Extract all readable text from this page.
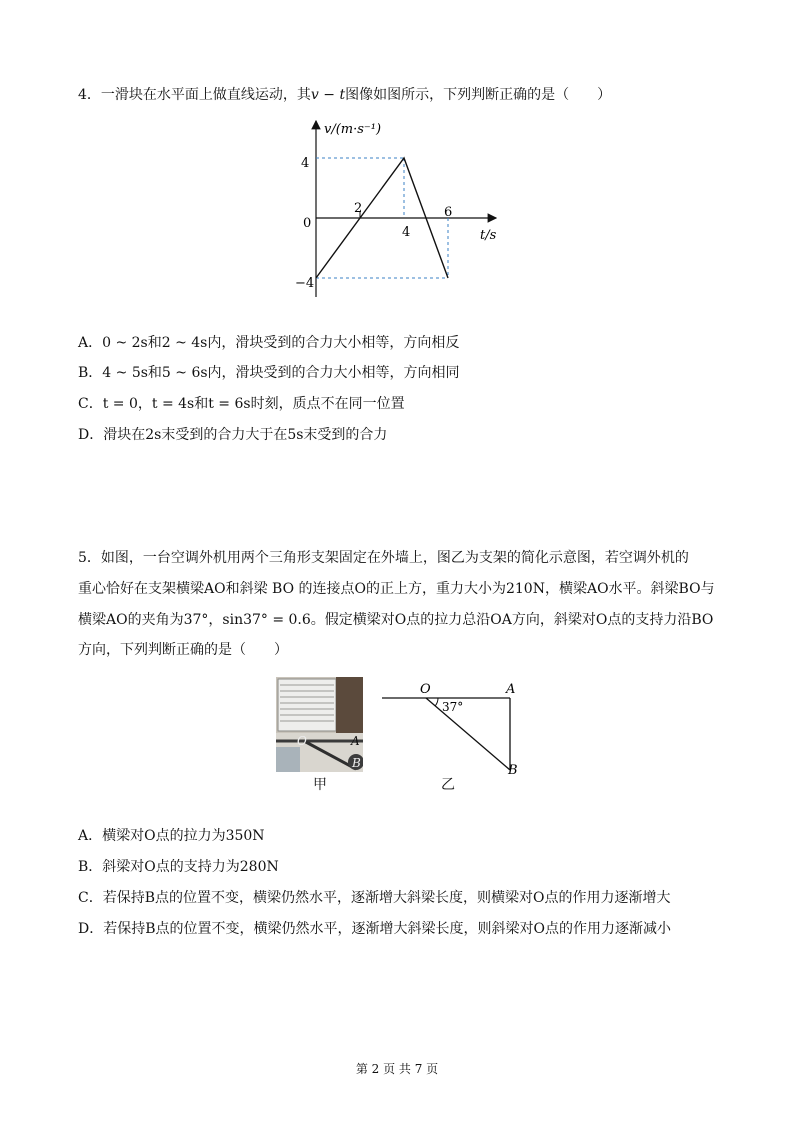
4．一滑块在水平面上做直线运动，其v − t图像如图所示，下列判断正确的是（　　）
v/(m·s⁻¹)
t/s
0
4
−4
2
4
6
A．0 ~ 2s和2 ~ 4s内，滑块受到的合力大小相等，方向相反
B．4 ~ 5s和5 ~ 6s内，滑块受到的合力大小相等，方向相同
C．t = 0，t = 4s和t = 6s时刻，质点不在同一位置
D．滑块在2s末受到的合力大于在5s末受到的合力
5．如图，一台空调外机用两个三角形支架固定在外墙上，图乙为支架的简化示意图，若空调外机的
重心恰好在支架横梁AO和斜梁 BO 的连接点O的正上方，重力大小为210N，横梁AO水平。斜梁BO与
横梁AO的夹角为37°，sin37° = 0.6。假定横梁对O点的拉力总沿OA方向，斜梁对O点的支持力沿BO
方向，下列判断正确的是（　　）
O	A
B
甲
O	A
B
37°
乙
A．横梁对O点的拉力为350N
B．斜梁对O点的支持力为280N
C．若保持B点的位置不变，横梁仍然水平，逐渐增大斜梁长度，则横梁对O点的作用力逐渐增大
D．若保持B点的位置不变，横梁仍然水平，逐渐增大斜梁长度，则斜梁对O点的作用力逐渐减小
第 2 页 共 7 页
